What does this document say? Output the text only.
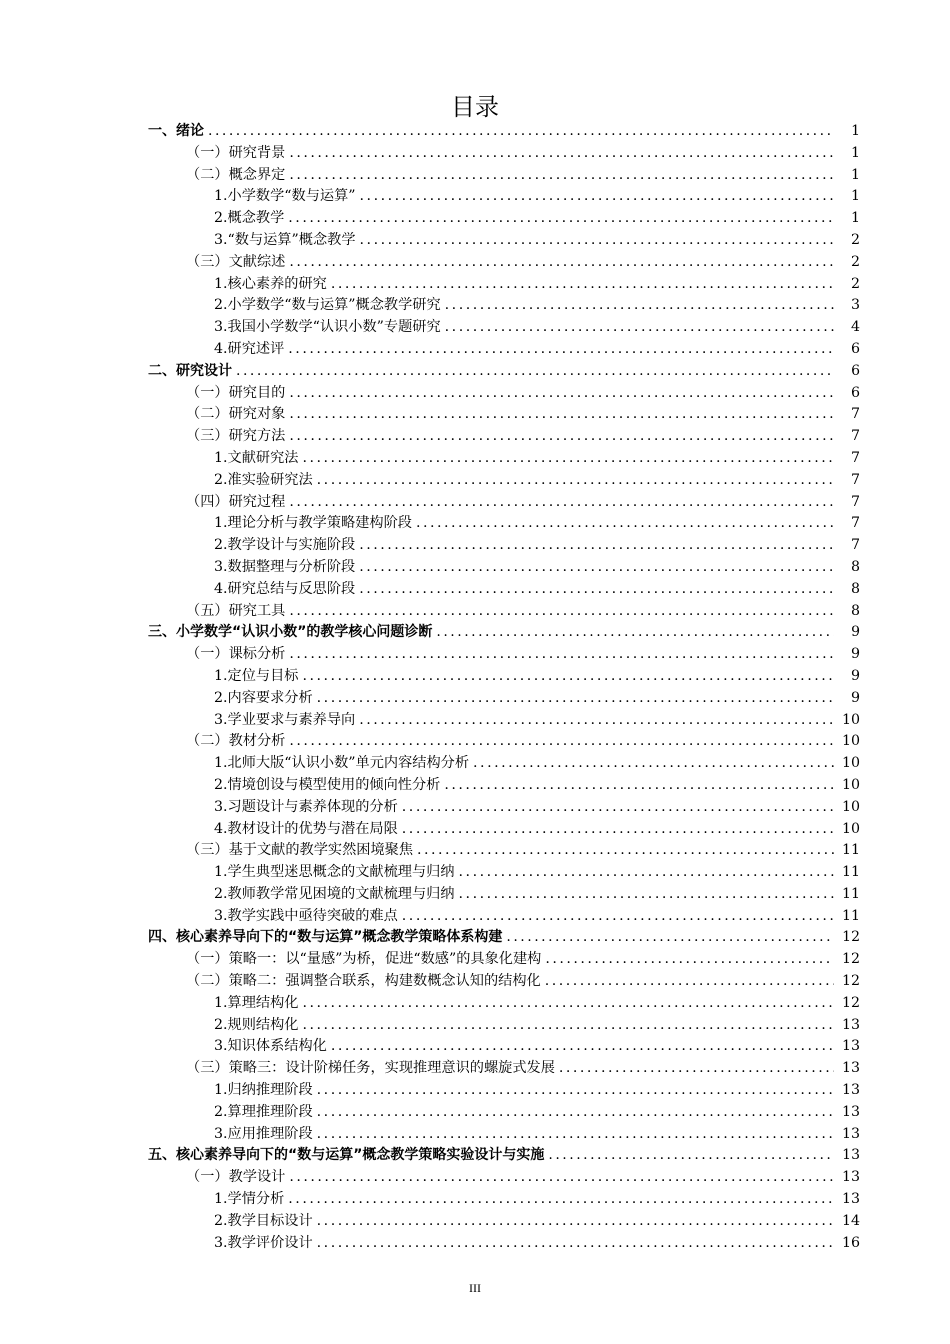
目录
一、 绪论 .....	1
（一）研究背景 .....	1
（二）概念界定 .....	1
1.小学数学“数与运算” .....	1
2.概念教学 .....	1
3.“数与运算”概念教学 .....	2
（三）文献综述 .....	2
1.核心素养的研究 .....	2
2.小学数学“数与运算”概念教学研究 .....	3
3.我国小学数学“认识小数”专题研究 .....	4
4.研究述评 .....	6
二、 研究设计 .....	6
（一）研究目的 .....	6
（二）研究对象 .....	7
（三）研究方法 .....	7
1.文献研究法 .....	7
2.准实验研究法 .....	7
（四）研究过程 .....	7
1.理论分析与教学策略建构阶段 .....	7
2.教学设计与实施阶段 .....	7
3.数据整理与分析阶段 .....	8
4.研究总结与反思阶段 .....	8
（五）研究工具 .....	8
三、小学数学“认识小数”的教学核心问题诊断 .....	9
（一）课标分析 .....	9
1.定位与目标 .....	9
2.内容要求分析 .....	9
3.学业要求与素养导向 .....	10
（二）教材分析 .....	10
1.北师大版“认识小数”单元内容结构分析 .....	10
2.情境创设与模型使用的倾向性分析 .....	10
3.习题设计与素养体现的分析 .....	10
4.教材设计的优势与潜在局限 .....	10
（三）基于文献的教学实然困境聚焦 .....	11
1.学生典型迷思概念的文献梳理与归纳 .....	11
2.教师教学常见困境的文献梳理与归纳 .....	11
3.教学实践中亟待突破的难点 .....	11
四、核心素养导向下的“数与运算”概念教学策略体系构建 .....	12
（一）策略一：以“量感”为桥，促进“数感”的具象化建构 .....	12
（二）策略二：强调整合联系，构建数概念认知的结构化 .....	12
1.算理结构化 .....	12
2.规则结构化 .....	13
3.知识体系结构化 .....	13
（三）策略三：设计阶梯任务，实现推理意识的螺旋式发展 .....	13
1.归纳推理阶段 .....	13
2.算理推理阶段 .....	13
3.应用推理阶段 .....	13
五、核心素养导向下的“数与运算”概念教学策略实验设计与实施 .....	13
（一）教学设计 .....	13
1.学情分析 .....	13
2.教学目标设计 .....	14
3.教学评价设计 .....	16
III
